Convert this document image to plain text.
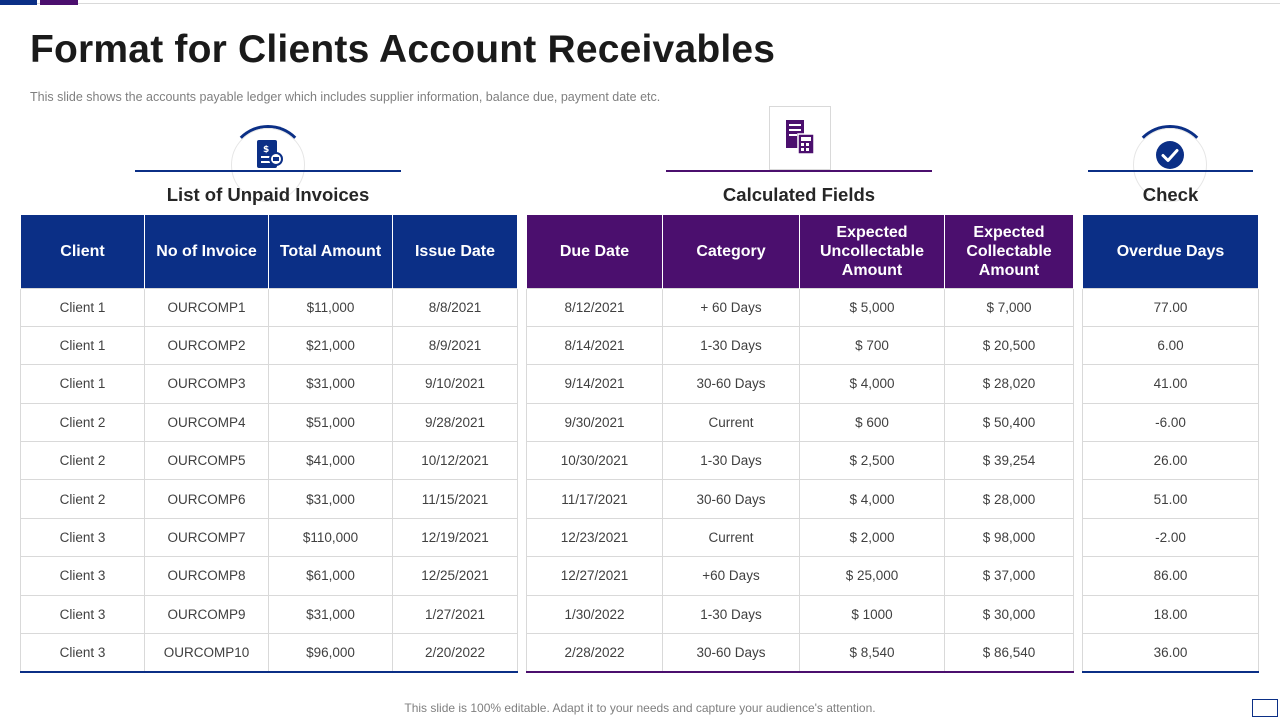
Format for Clients Account Receivables

This slide shows the accounts payable ledger which includes supplier information, balance due, payment date etc.

$
List of Unpaid Invoices
Client	No of Invoice	Total Amount	Issue Date
Client 1	OURCOMP1	$11,000	8/8/2021
Client 1	OURCOMP2	$21,000	8/9/2021
Client 1	OURCOMP3	$31,000	9/10/2021
Client 2	OURCOMP4	$51,000	9/28/2021
Client 2	OURCOMP5	$41,000	10/12/2021
Client 2	OURCOMP6	$31,000	11/15/2021
Client 3	OURCOMP7	$110,000	12/19/2021
Client 3	OURCOMP8	$61,000	12/25/2021
Client 3	OURCOMP9	$31,000	1/27/2021
Client 3	OURCOMP10	$96,000	2/20/2022
Calculated Fields
Due Date	Category	Expected Uncollectable Amount	Expected Collectable Amount
8/12/2021	+ 60 Days	$ 5,000	$ 7,000
8/14/2021	1-30 Days	$ 700	$ 20,500
9/14/2021	30-60 Days	$ 4,000	$ 28,020
9/30/2021	Current	$ 600	$ 50,400
10/30/2021	1-30 Days	$ 2,500	$ 39,254
11/17/2021	30-60 Days	$ 4,000	$ 28,000
12/23/2021	Current	$ 2,000	$ 98,000
12/27/2021	+60 Days	$ 25,000	$ 37,000
1/30/2022	1-30 Days	$ 1000	$ 30,000
2/28/2022	30-60 Days	$ 8,540	$ 86,540
Check
Overdue Days
77.00
6.00
41.00
-6.00
26.00
51.00
-2.00
86.00
18.00
36.00

This slide is 100% editable. Adapt it to your needs and capture your audience's attention.
